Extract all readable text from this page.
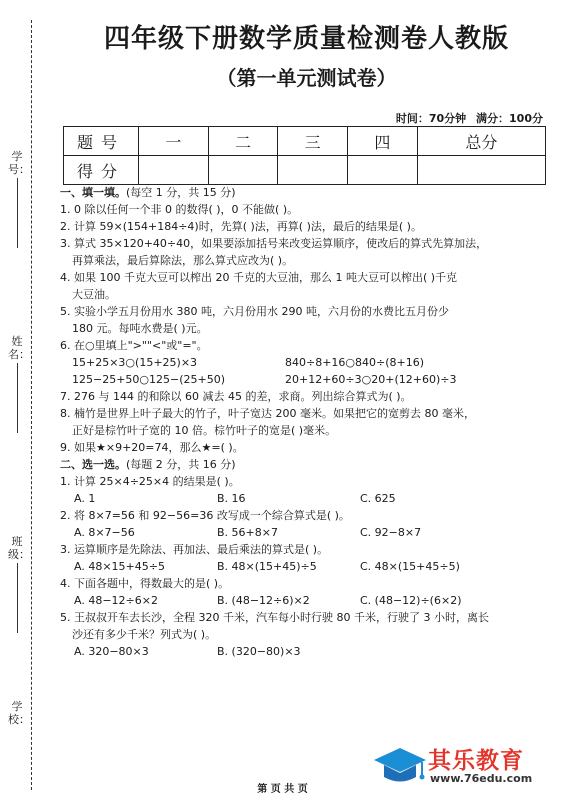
学号：
姓名：
班级：
学校：
四年级下册数学质量检测卷人教版
（第一单元测试卷）
时间：70分钟 满分：100分
题号	一	二	三	四	总分
得分					
一、填一填。(每空 1 分，共 15 分)
1. 0 除以任何一个非 0 的数得( )，0 不能做( )。
2. 计算 59×(154+184÷4)时，先算( )法，再算( )法，最后的结果是( )。
3. 算式 35×120+40÷40，如果要添加括号来改变运算顺序，使改后的算式先算加法，
再算乘法，最后算除法，那么算式应改为( )。
4. 如果 100 千克大豆可以榨出 20 千克的大豆油，那么 1 吨大豆可以榨出( )千克
大豆油。
5. 实验小学五月份用水 380 吨，六月份用水 290 吨，六月份的水费比五月份少
180 元。每吨水费是( )元。
6. 在○里填上">""<"或"="。
15+25×3○(15+25)×3	840÷8+16○840÷(8+16)
125−25+50○125−(25+50)	20+12+60÷3○20+(12+60)÷3
7. 276 与 144 的和除以 60 减去 45 的差，求商。列出综合算式为( )。
8. 楠竹是世界上叶子最大的竹子，叶子宽达 200 毫米。如果把它的宽剪去 80 毫米，
正好是棕竹叶子宽的 10 倍。棕竹叶子的宽是( )毫米。
9. 如果★×9+20=74，那么★=( )。
二、选一选。(每题 2 分，共 16 分)
1. 计算 25×4÷25×4 的结果是( )。
A. 1	B. 16	C. 625
2. 将 8×7=56 和 92−56=36 改写成一个综合算式是( )。
A. 8×7−56	B. 56+8×7	C. 92−8×7
3. 运算顺序是先除法、再加法、最后乘法的算式是( )。
A. 48×15+45÷5	B. 48×(15+45)÷5	C. 48×(15+45÷5)
4. 下面各题中，得数最大的是( )。
A. 48−12÷6×2	B. (48−12÷6)×2	C. (48−12)÷(6×2)
5. 王叔叔开车去长沙，全程 320 千米，汽车每小时行驶 80 千米，行驶了 3 小时，离长
沙还有多少千米？列式为( )。
A. 320−80×3	B. (320−80)×3
其乐教育
www.76edu.com
第 页 共 页
